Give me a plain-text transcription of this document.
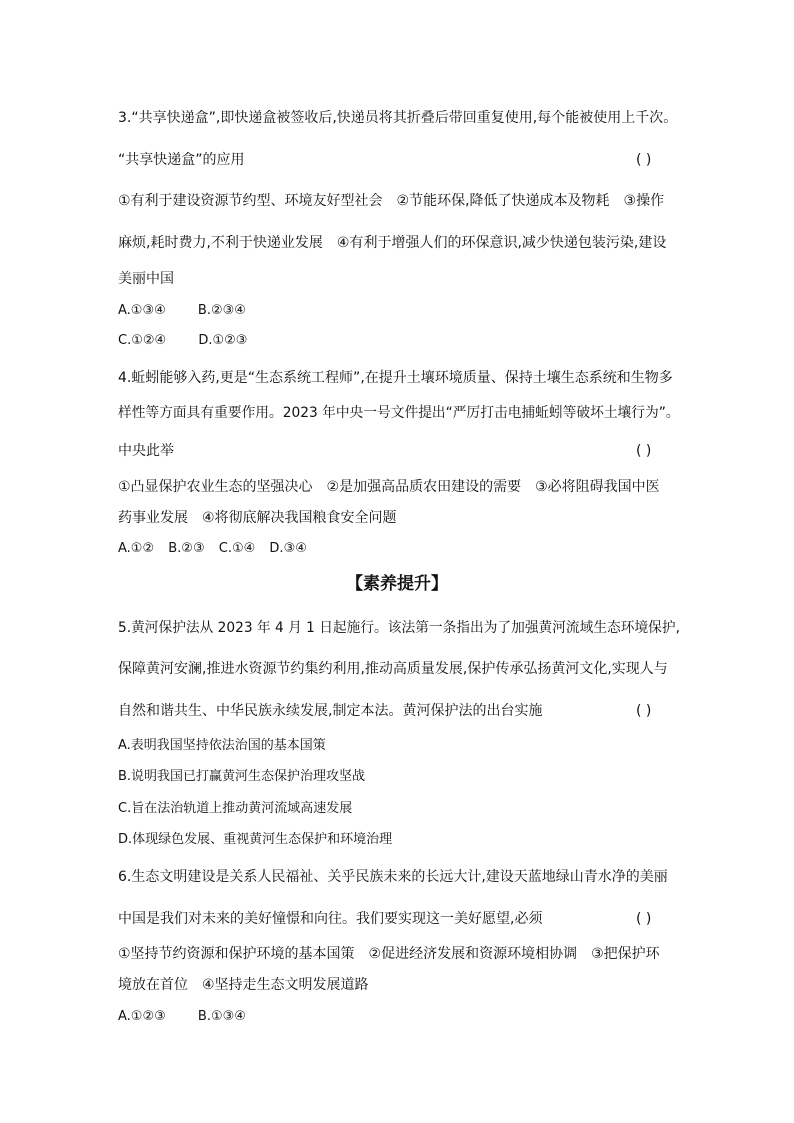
3.“共享快递盒”,即快递盒被签收后,快递员将其折叠后带回重复使用,每个能被使用上千次。
“共享快递盒”的应用	( )
①有利于建设资源节约型、环境友好型社会　②节能环保,降低了快递成本及物耗　③操作
麻烦,耗时费力,不利于快递业发展　④有利于增强人们的环保意识,减少快递包装污染,建设
美丽中国
A.①③④ B.②③④
C.①②④ D.①②③
4.蚯蚓能够入药,更是“生态系统工程师”,在提升土壤环境质量、保持土壤生态系统和生物多
样性等方面具有重要作用。2023 年中央一号文件提出“严厉打击电捕蚯蚓等破坏土壤行为”。
中央此举	( )
①凸显保护农业生态的坚强决心　②是加强高品质农田建设的需要　③必将阻碍我国中医
药事业发展　④将彻底解决我国粮食安全问题
A.①② B.②③ C.①④ D.③④
【素养提升】
5.黄河保护法从 2023 年 4 月 1 日起施行。该法第一条指出为了加强黄河流域生态环境保护,
保障黄河安澜,推进水资源节约集约利用,推动高质量发展,保护传承弘扬黄河文化,实现人与
自然和谐共生、中华民族永续发展,制定本法。黄河保护法的出台实施	( )
A.表明我国坚持依法治国的基本国策
B.说明我国已打赢黄河生态保护治理攻坚战
C.旨在法治轨道上推动黄河流域高速发展
D.体现绿色发展、重视黄河生态保护和环境治理
6.生态文明建设是关系人民福祉、关乎民族未来的长远大计,建设天蓝地绿山青水净的美丽
中国是我们对未来的美好憧憬和向往。我们要实现这一美好愿望,必须	( )
①坚持节约资源和保护环境的基本国策　②促进经济发展和资源环境相协调　③把保护环
境放在首位　④坚持走生态文明发展道路
A.①②③ B.①③④
